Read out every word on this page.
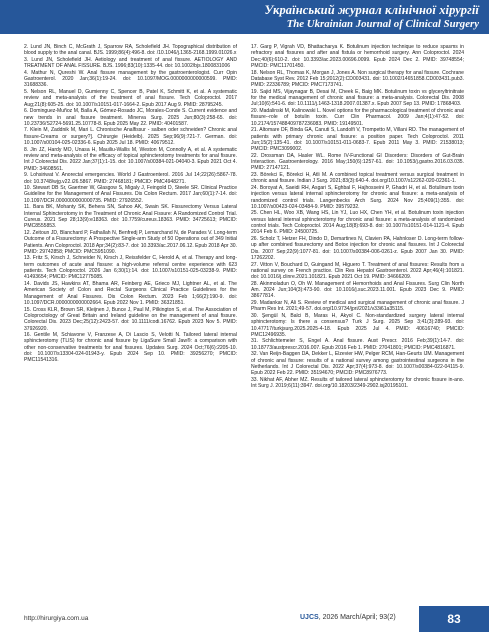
Український журнал клінічної хірургії
The Ukrainian Journal of Clinical Surgery

2. Lund JN, Binch C, McGrath J, Sparrow RA, Scholefield JH. Topographical distribution of blood supply to the anal canal. BJS. 1999;86(4):496-8. doi: /10.1046/j.1365-2168.1999.01026.x

3. Lund JN, Scholefield JH. Aetiology and treatment of anal fissure. AETIOLOGY AND TREATMENT OF ANAL FISSURE. BJS. 1996;83(10):1335-44. doi: 10.1002/bjs.1800831006

4. Mathur N, Qureshi W. Anal fissure management by the gastroenterologist. Curr Opin Gastroenterol. 2020 Jan;36(1):19-24. doi: 10.1097/MOG.0000000000000599. PMID: 31688336.

5. Nelson RL, Manuel D, Gumienny C, Spencer B, Patel K, Schmitt K, et al. A systematic review and meta-analysis of the treatment of anal fissure. Tech Coloproctol. 2017 Aug;21(8):605-25. doi: 10.1007/s10151-017-1664-2. Epub 2017 Aug 9. PMID: 28795245.

6. Dominguez-Muñoz M, Balla A, Gómez-Rosado JC, Morales-Conde S. Current evidence and new trends in anal fissure treatment. Minerva Surg. 2025 Jun;80(3):258-65. doi: 10.23736/S2724-5691.25.10778-8. Epub 2025 May 22. PMID: 40401587.

7. Klein M, Zaddnik M, Mari L. Chronische Analfissur - salben oder schneiden? Chronic anal fissure-Creams or surgery?]. Chirurgie (Heidelb). 2025 Sep;96(9):721-7. German. doi: 10.1007/s00104-025-02336-6. Epub 2025 Jul 18. PMID: 40679512.

8. Jin JZ, Hardy MO, Unasa H, Mauiliu-Wallis M, Weston M, Connolly A, et al. A systematic review and meta-analysis of the efficacy of topical sphincterotomy treatments for anal fissure. Int J Colorectal Dis. 2022 Jan;37(1):1-15. doi: 10.1007/s00384-021-04040-3. Epub 2021 Oct 4. PMID: 34608561.

9. Lohsiriwat V. Anorectal emergencies. World J Gastroenterol. 2016 Jul 14;22(26):5867-78. doi: 10.3748/wjg.v22.i26.5867. PMID: 27468181; PMCID: PMC4948271.

10. Stewart DB Sr, Gaertner W, Glasgow S, Migaly J, Feingold D, Steele SR. Clinical Practice Guideline for the Management of Anal Fissures. Dis Colon Rectum. 2017 Jan;60(1):7-14. doi: 10.1097/DCR.0000000000000735. PMID: 27926552.

11. Bara BK, Mohanty SK, Behera SN, Sahoo AK, Swain SK. Fissurectomy Versus Lateral Internal Sphincterotomy in the Treatment of Chronic Anal Fissure: A Randomized Control Trial. Cureus. 2021 Sep 28;13(9):e18363. doi: 10.7759/cureus.18363. PMID: 34725613; PMCID: PMC8555853.

12. Zeitoun JD, Blanchard P, Fathallah N, Benfredj P, Lemarchand N, de Parades V. Long-term Outcome of a Fissurectomy: A Prospective Single-arm Study of 50 Operations out of 349 Initial Patients. Ann Coloproctol. 2018 Apr;34(2):83-7. doi: 10.3393/ac.2017.06.12. Epub 2018 Apr 30. PMID: 29742858; PMCID: PMC5951090.

13. Fritz S, Kirsch J, Schneider N, Kirsch J, Reissfelder C, Herold A, et al. Therapy and long-term outcomes of acute anal fissure: a high-volume referral centre experience with 623 patients. Tech Coloproctol. 2026 Jan 6;30(1):14. doi: 10.1007/s10151-025-03238-9. PMID: 41493654; PMCID: PMC12775085.

14. Davids JS, Hawkins AT, Bhama AR, Feinberg AE, Grieco MJ, Lightner AL, et al. The American Society of Colon and Rectal Surgeons Clinical Practice Guidelines for the Management of Anal Fissures. Dis Colon Rectum. 2023 Feb 1;66(2):190-9. doi: 10.1097/DCR.0000000000002664. Epub 2022 Nov 1. PMID: 36321851.

15. Cross KLR, Brown SR, Kleijnen J, Bunce J, Paul M, Pilkington S, et al. The Association of Coloproctology of Great Britain and Ireland guideline on the management of anal fissure. Colorectal Dis. 2023 Dec;25(12):2423-57. doi: 10.1111/codi.16762. Epub 2023 Nov 5. PMID: 37926920.

16. Gentile M, Schiavone V, Franzese A, Di Lascio S, Velotti N. Tailored lateral internal sphincterotomy (TLIS) for chronic anal fissure by LigaSure Small Jaw®: a comparison with other non-conservative treatments for anal fissures. Updates Surg. 2024 Oct;76(6):2205-10. doi: 10.1007/s13304-024-01943-y. Epub 2024 Sep 10. PMID: 39256270; PMCID: PMC11541316.

17. Garg P, Vigrah VD, Bhattacharya K. Botulinum injection technique to reduce spasms in refractory anal fissures and after anal fistula or hemorrhoid surgery. Ann Coloproctol. 2024 Dec;40(6):610-2. doi: 10.3393/ac.2023.00696.0099. Epub 2024 Dec 2. PMID: 39748554; PMCID: PMC11701450.

18. Nelson RL, Thomas K, Morgan J, Jones A. Non surgical therapy for anal fissure. Cochrane Database Syst Rev. 2012 Feb 15;2012(2):CD003431. doi: 10.1002/14651858.CD003431.pub3. PMID: 22336789; PMCID: PMC7173741.

19. Sajid MS, Vijaynagar B, Desai M, Cheek E, Baig MK. Botulinum toxin vs glyceryltrinitrate for the medical management of chronic anal fissure: a meta-analysis. Colorectal Dis. 2008 Jul;10(6):541-6. doi: 10.1111/j.1463-1318.2007.01387.x. Epub 2007 Sep 13. PMID: 17868403.

20. Madalinski M, Kalinowski L. Novel options for the pharmacological treatment of chronic anal fissure--role of botulin toxin. Curr Clin Pharmacol. 2009 Jan;4(1):47-52. doi: 10.2174/157488409787236083. PMID: 19149501.

21. Altomare DF, Binda GA, Canuti S, Landolfi V, Trompetto M, Villani RD. The management of patients with primary chronic anal fissure: a position paper. Tech Coloproctol. 2011 Jun;15(2):135-41. doi: 10.1007/s10151-011-0683-7. Epub 2011 May 3. PMID: 21538013; PMCID: PMC3099002.

22. Drossman DA, Hasler WL. Rome IV-Functional GI Disorders: Disorders of Gut-Brain Interaction. Gastroenterology. 2016 May;150(6):1257-61. doi: 10.1053/j.gastro.2016.03.035. PMID: 27147121.

23. Börekci E, Börekci H, Atli M. A combined topical treatment versus surgical treatment in chronic anal fissure. Indian J Surg. 2021;83(3):640-4. doi.org/10.1007/s12262-020-02361-1.

24. Boroyat A, Saeidi RH, Asgari S, Eghbal F, Hajhosseini P, Ghadri H, et al. Botulinum toxin injection versus lateral internal sphincterotomy for chronic anal fissure: a meta-analysis of randomized control trials. Langenbecks Arch Surg. 2024 Nov 25;409(1):355. doi: 10.1007/s00423-024-03484-9. PMID: 39579232.

25. Chen HL, Woo XB, Wang HS, Lin YJ, Luo HX, Chen YH, et al. Botulinum toxin injection versus lateral internal sphincterotomy for chronic anal fissure: a meta-analysis of randomized control trials. Tech Coloproctol. 2014 Aug;18(8):693-8. doi: 10.1007/s10151-014-1121-4. Epub 2014 Feb 6. PMID: 24500725.

26. Scholz T, Hetzer FH, Dindo D, Demartines N, Clavien PA, Hahnloser D. Long-term follow-up after combined fissurectomy and Botox injection for chronic anal fissures. Int J Colorectal Dis. 2007 Sep;22(9):1077-81. doi: 10.1007/s00384-006-0261-z. Epub 2007 Jan 30. PMID: 17262202.

27. Vitton V, Bouchard D, Guingand M, Higuero T. Treatment of anal fissures: Results from a national survey on French practice. Clin Res Hepatol Gastroenterol. 2022 Apr;46(4):101821. doi: 10.1016/j.clinre.2021.101821. Epub 2021 Oct 19. PMID: 34666209.

28. Akinmoladun O, Oh W. Management of Hemorrhoids and Anal Fissures. Surg Clin North Am. 2024 Jun;104(3):473-90. doi: 10.1016/j.suc.2023.11.001. Epub 2023 Dec 9. PMID: 38677814.

29. Madankar N, Ali S. Review of medical and surgical management of chronic anal fissure. J Pharm Res Int. 2021;49-57. doi.org/10.9734/jpri/2021/v33i61a35115.

30. Şengül N, Balci B, Maras H, Akyol C. Non-standardized surgery lateral internal sphincterotomy: Is there a consensus? Turk J Surg. 2025 Sep 3;41(3):289-93. doi: 10.47717/turkjsurg.2025.2025-4-18. Epub 2025 Jul 4. PMID: 40616740; PMCID: PMC12496935.

31. Schlichtemeier S, Engel A. Anal fissure. Aust Prescr. 2016 Feb;39(1):14-7. doi: 10.18773/austprescr.2016.007. Epub 2016 Feb 1. PMID: 27041801; PMCID: PMC4816871.

32. Van Reijn-Baggen DA, Dekker L, Elzevier HW, Pelger RCM, Han-Geurts IJM. Management of chronic anal fissure: results of a national survey among gastrointestinal surgeons in the Netherlands. Int J Colorectal Dis. 2022 Apr;37(4):973-8. doi: 10.1007/s00384-022-04115-9. Epub 2022 Feb 22. PMID: 35194670; PMCID: PMC8976773.

33. Nikhat AF, Abher MZ. Results of tailored lateral sphincterotomy for chronic fissure in-ano. Int Surg J. 2019;6(11):3947. doi.org/10.18203/2349-2902.isj20195101.

http://hirurgiya.com.ua	UJCS, 2026 March/April; 93(2)	83
